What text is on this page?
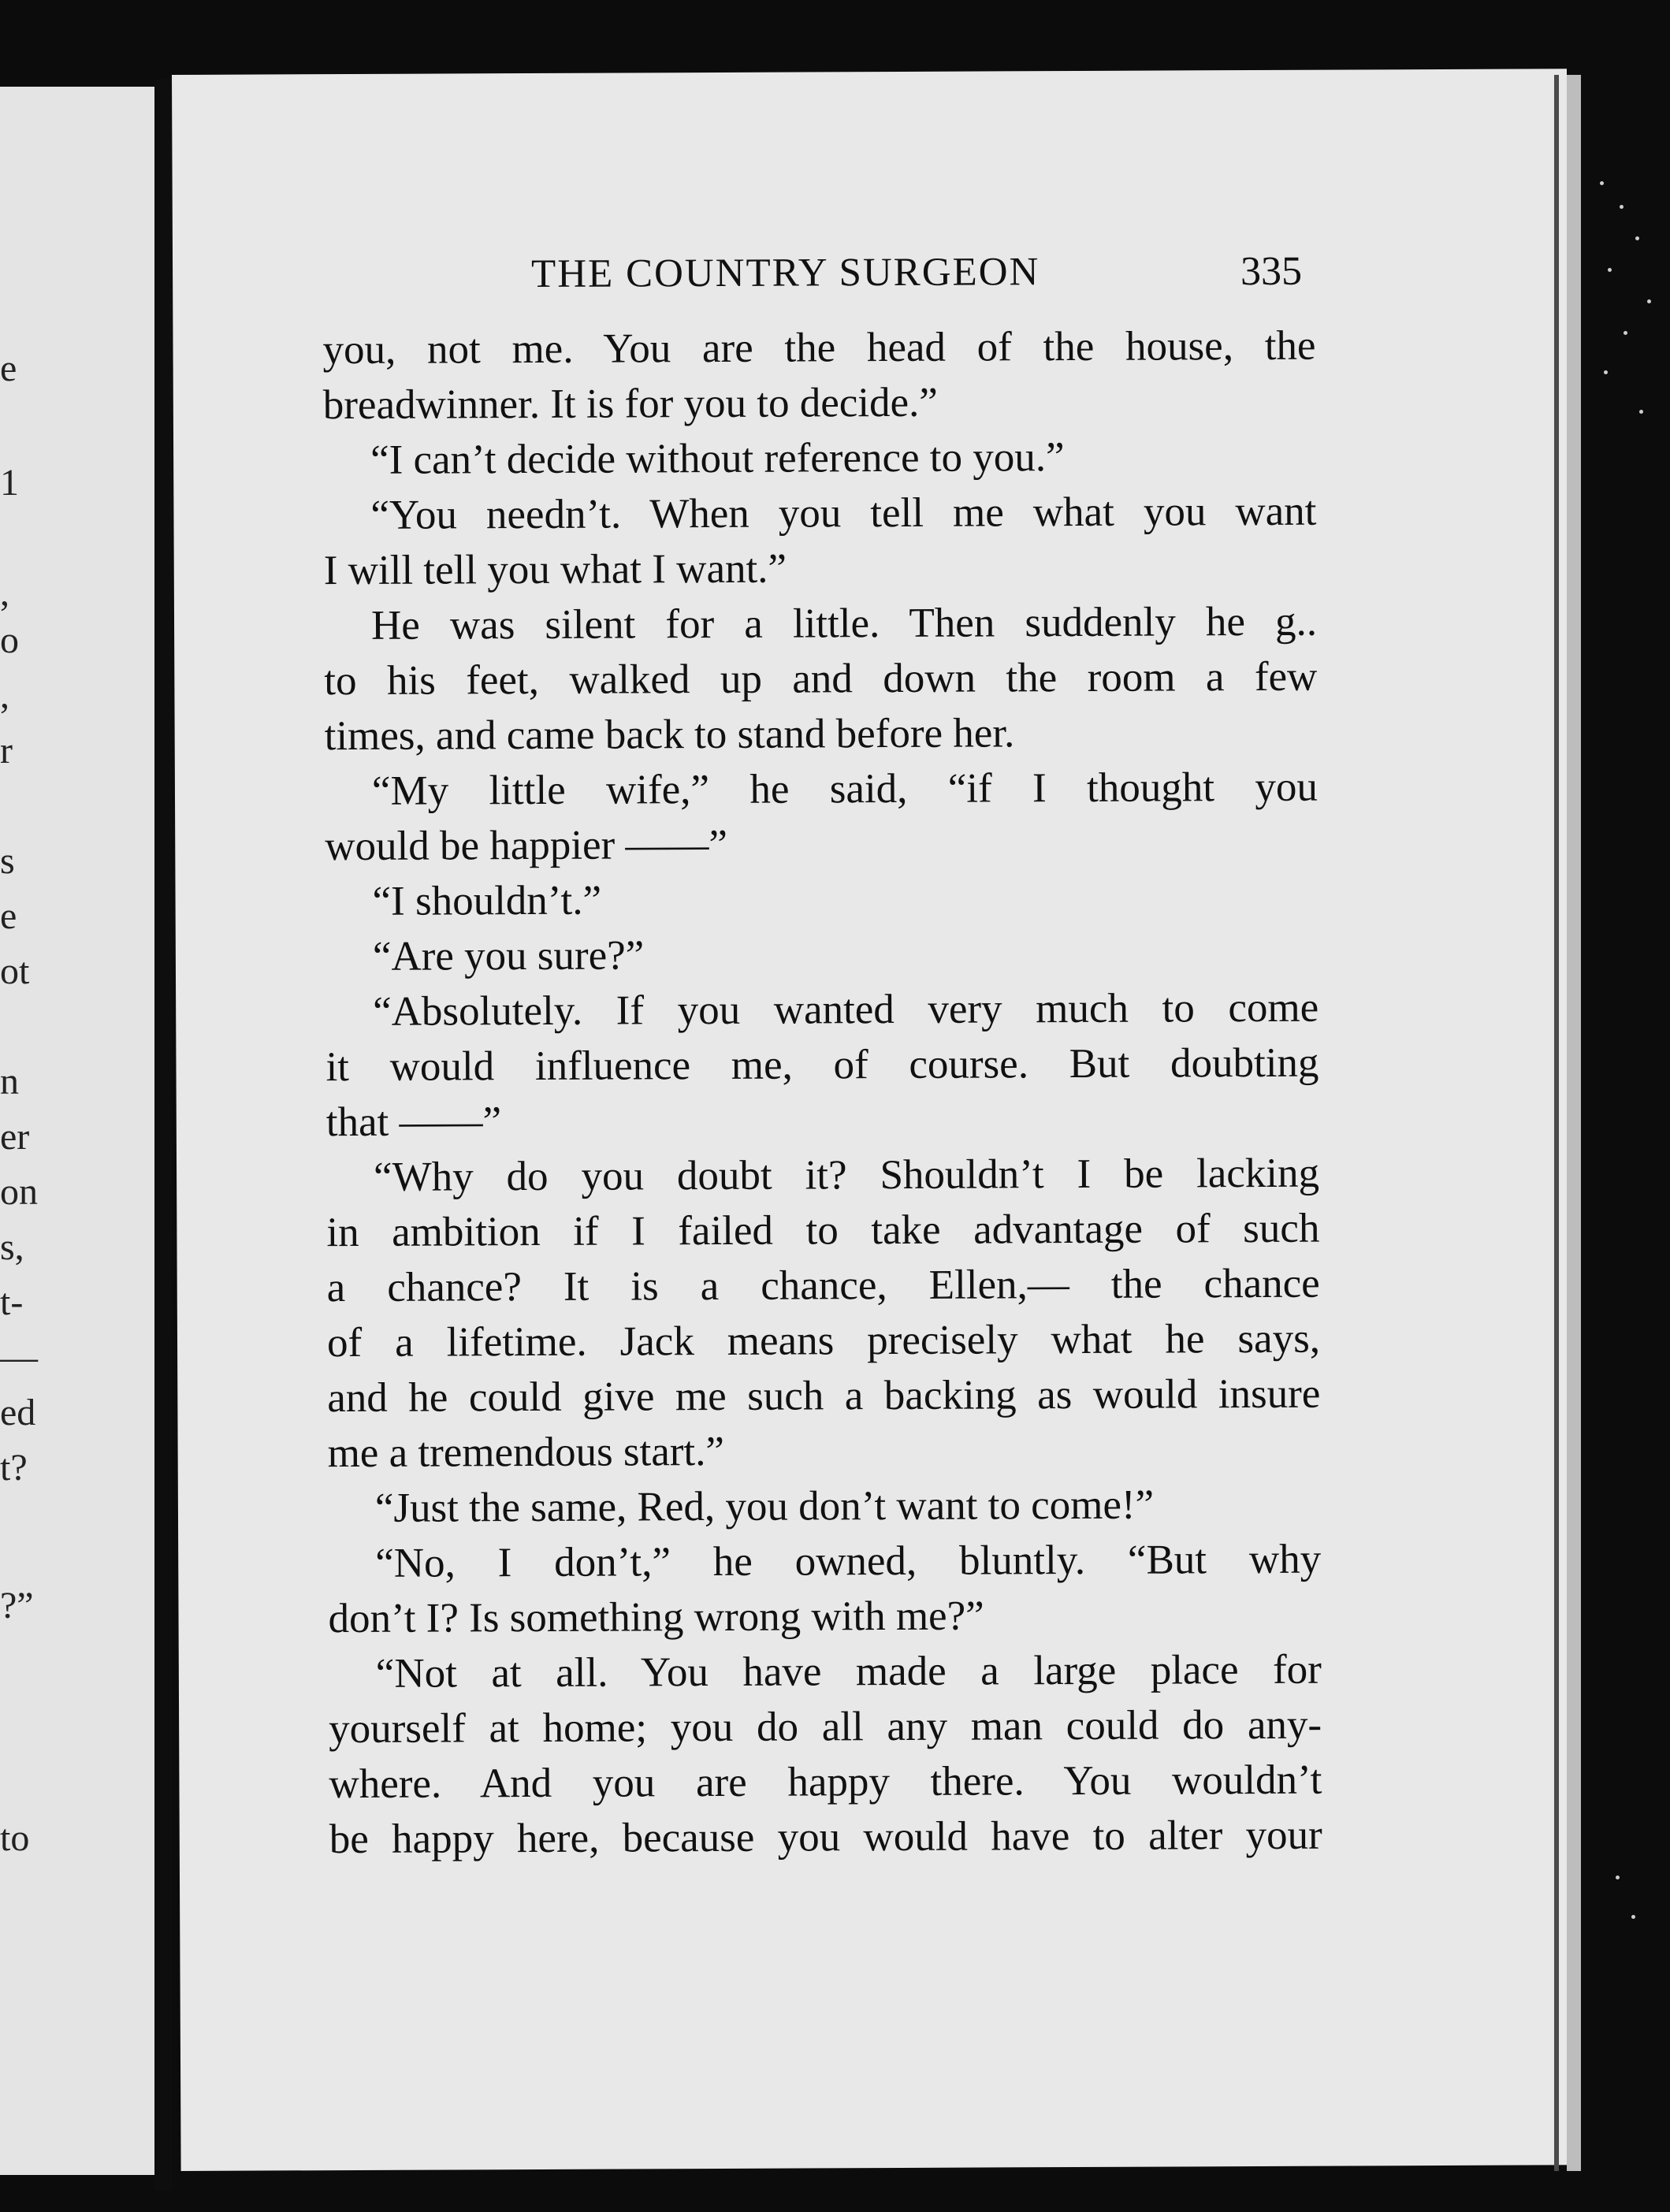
e
1
,
o
,
r
s
e
ot
n
er
on
s,
t-
—
ed
t?
?”
to
THE COUNTRY SURGEON	335
you, not me. You are the head of the house, the
breadwinner. It is for you to decide.”
“I can’t decide without reference to you.”
“You needn’t. When you tell me what you want
I will tell you what I want.”
He was silent for a little. Then suddenly he g..
to his feet, walked up and down the room a few
times, and came back to stand before her.
“My little wife,” he said, “if I thought you
would be happier ——”
“I shouldn’t.”
“Are you sure?”
“Absolutely. If you wanted very much to come
it would influence me, of course. But doubting
that ——”
“Why do you doubt it? Shouldn’t I be lacking
in ambition if I failed to take advantage of such
a chance? It is a chance, Ellen,— the chance
of a lifetime. Jack means precisely what he says,
and he could give me such a backing as would insure
me a tremendous start.”
“Just the same, Red, you don’t want to come!”
“No, I don’t,” he owned, bluntly. “But why
don’t I? Is something wrong with me?”
“Not at all. You have made a large place for
yourself at home; you do all any man could do any-
where. And you are happy there. You wouldn’t
be happy here, because you would have to alter your
